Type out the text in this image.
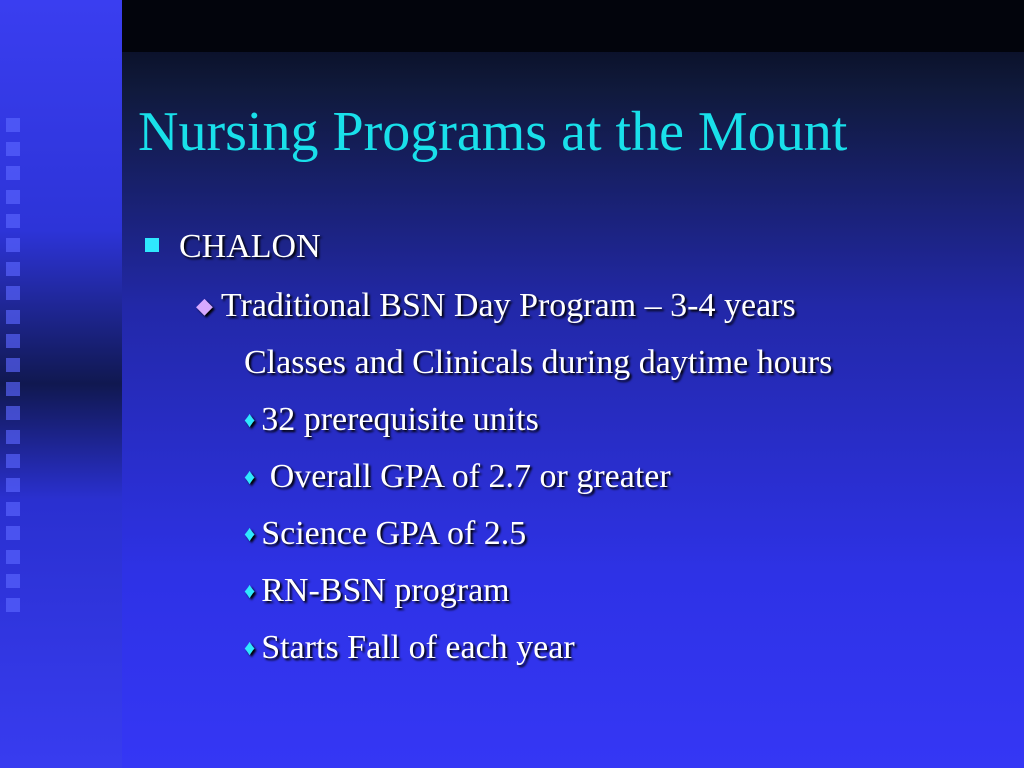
Nursing Programs at the Mount
CHALON
◆ Traditional BSN Day Program – 3-4 years
Classes and Clinicals during daytime hours
♦ 32 prerequisite units
♦ Overall GPA of 2.7 or greater
♦ Science GPA of 2.5
♦ RN-BSN program
♦ Starts Fall of each year
